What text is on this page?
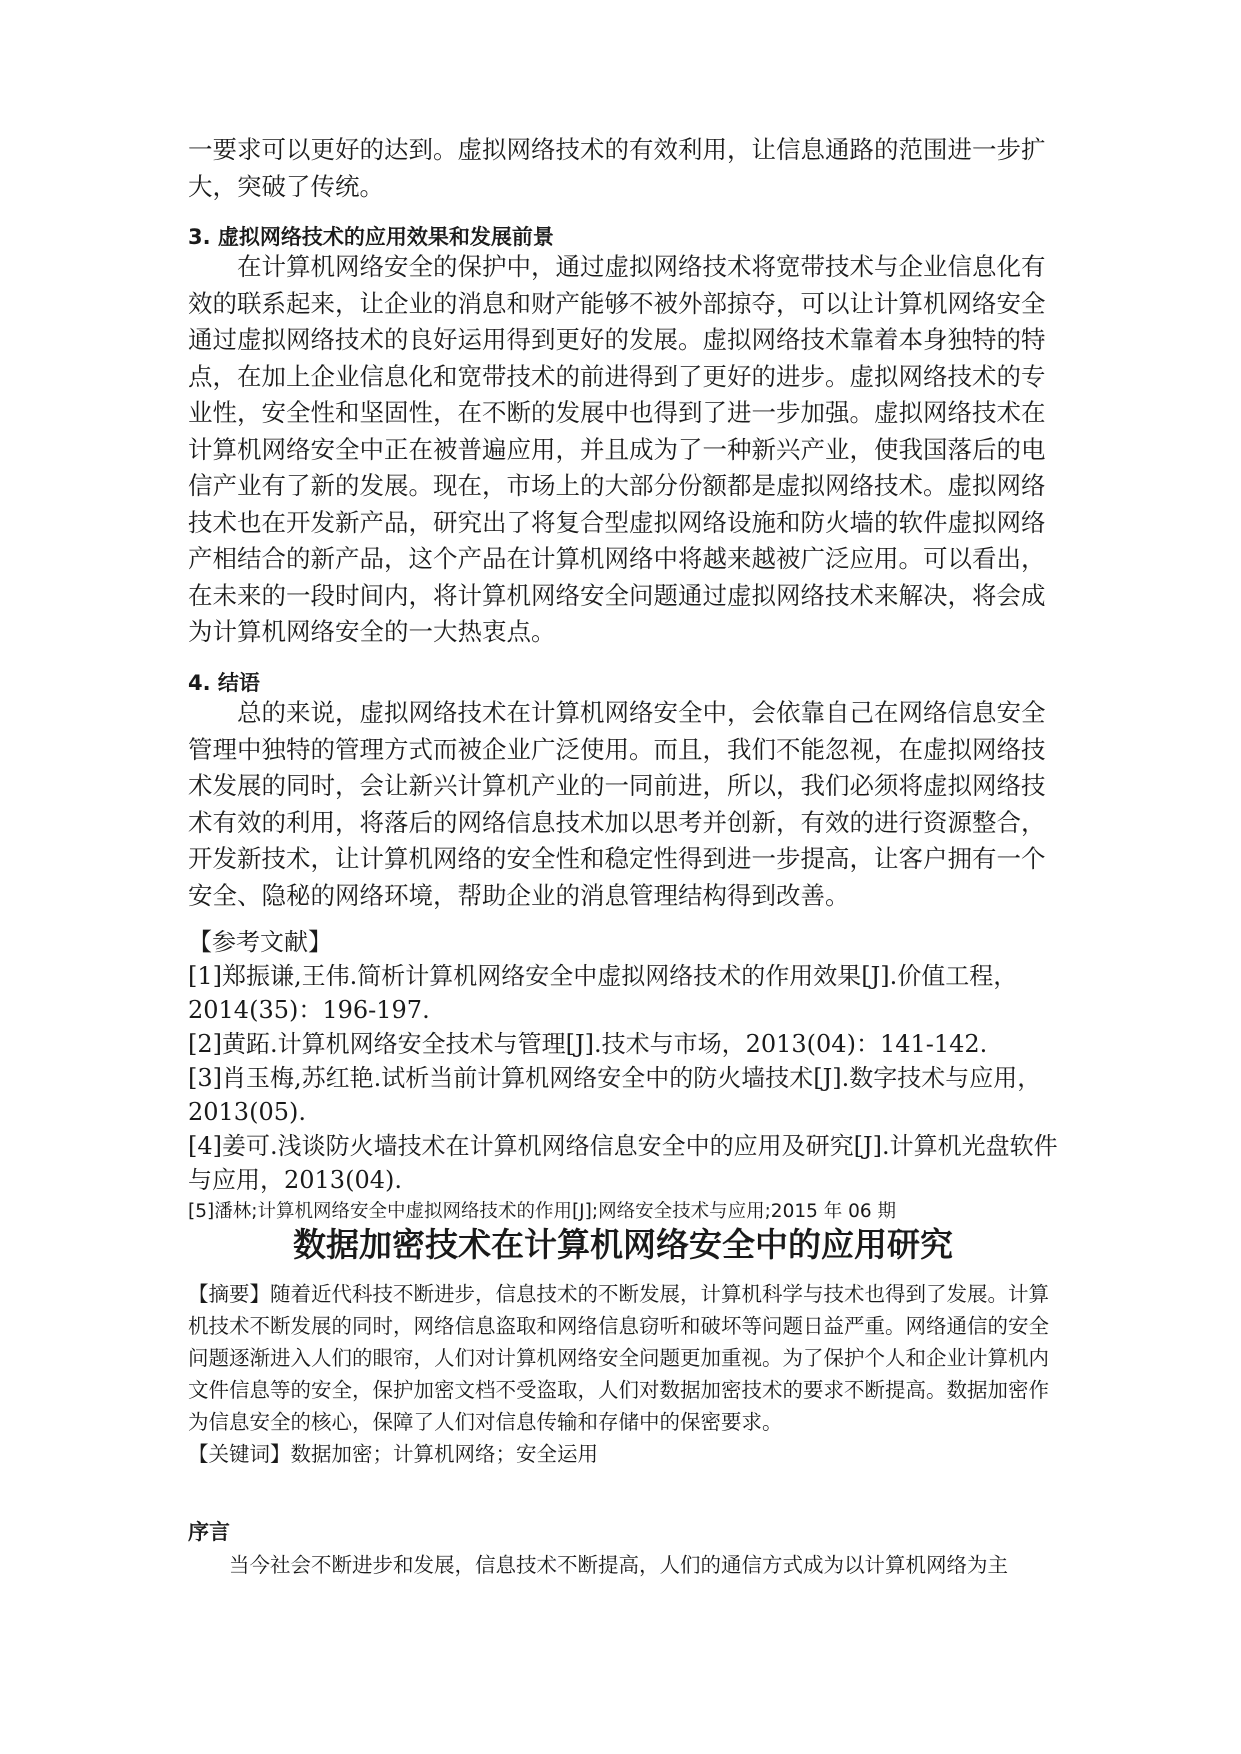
一要求可以更好的达到。虚拟网络技术的有效利用，让信息通路的范围进一步扩大，突破了传统。

3. 虚拟网络技术的应用效果和发展前景

在计算机网络安全的保护中，通过虚拟网络技术将宽带技术与企业信息化有效的联系起来，让企业的消息和财产能够不被外部掠夺，可以让计算机网络安全通过虚拟网络技术的良好运用得到更好的发展。虚拟网络技术靠着本身独特的特点，在加上企业信息化和宽带技术的前进得到了更好的进步。虚拟网络技术的专业性，安全性和坚固性，在不断的发展中也得到了进一步加强。虚拟网络技术在计算机网络安全中正在被普遍应用，并且成为了一种新兴产业，使我国落后的电信产业有了新的发展。现在，市场上的大部分份额都是虚拟网络技术。虚拟网络技术也在开发新产品，研究出了将复合型虚拟网络设施和防火墙的软件虚拟网络产相结合的新产品，这个产品在计算机网络中将越来越被广泛应用。可以看出，在未来的一段时间内，将计算机网络安全问题通过虚拟网络技术来解决，将会成为计算机网络安全的一大热衷点。

4. 结语

总的来说，虚拟网络技术在计算机网络安全中，会依靠自己在网络信息安全管理中独特的管理方式而被企业广泛使用。而且，我们不能忽视，在虚拟网络技术发展的同时，会让新兴计算机产业的一同前进，所以，我们必须将虚拟网络技术有效的利用，将落后的网络信息技术加以思考并创新，有效的进行资源整合，开发新技术，让计算机网络的安全性和稳定性得到进一步提高，让客户拥有一个安全、隐秘的网络环境，帮助企业的消息管理结构得到改善。

【参考文献】

[1]郑振谦,王伟.简析计算机网络安全中虚拟网络技术的作用效果[J].价值工程，2014(35)：196-197.

[2]黄跖.计算机网络安全技术与管理[J].技术与市场，2013(04)：141-142.

[3]肖玉梅,苏红艳.试析当前计算机网络安全中的防火墙技术[J].数字技术与应用，2013(05).

[4]姜可.浅谈防火墙技术在计算机网络信息安全中的应用及研究[J].计算机光盘软件与应用，2013(04).

[5]潘林;计算机网络安全中虚拟网络技术的作用[J];网络安全技术与应用;2015 年 06 期

数据加密技术在计算机网络安全中的应用研究

【摘要】随着近代科技不断进步，信息技术的不断发展，计算机科学与技术也得到了发展。计算机技术不断发展的同时，网络信息盗取和网络信息窃听和破坏等问题日益严重。网络通信的安全问题逐渐进入人们的眼帘，人们对计算机网络安全问题更加重视。为了保护个人和企业计算机内文件信息等的安全，保护加密文档不受盗取，人们对数据加密技术的要求不断提高。数据加密作为信息安全的核心，保障了人们对信息传输和存储中的保密要求。

【关键词】数据加密；计算机网络；安全运用

序言

当今社会不断进步和发展，信息技术不断提高，人们的通信方式成为以计算机网络为主
